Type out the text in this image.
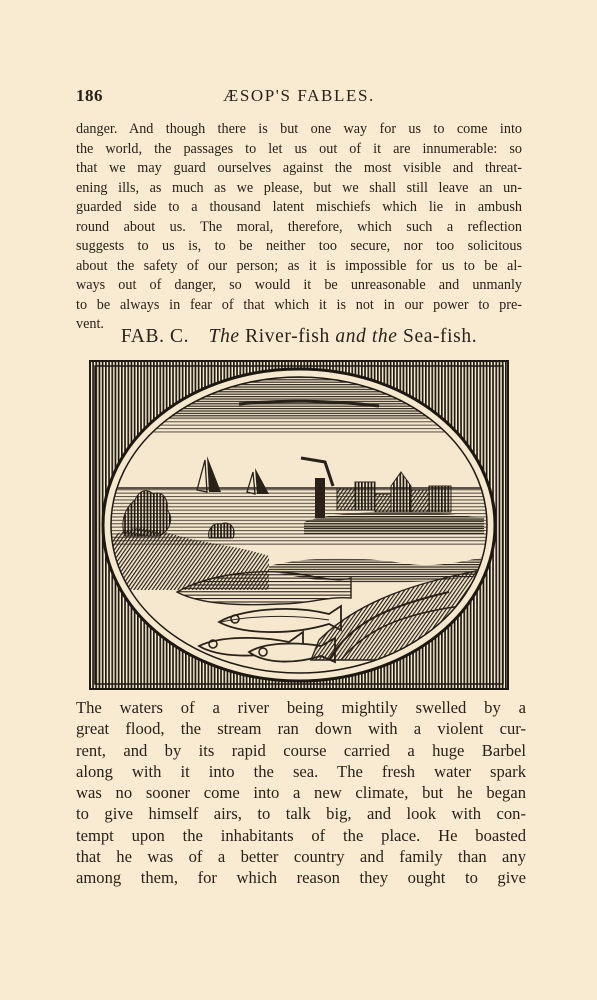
186	ÆSOP'S FABLES.

danger. And though there is but one way for us to come into
the world, the passages to let us out of it are innumerable: so
that we may guard ourselves against the most visible and threat-
ening ills, as much as we please, but we shall still leave an un-
guarded side to a thousand latent mischiefs which lie in ambush
round about us. The moral, therefore, which such a reflection
suggests to us is, to be neither too secure, nor too solicitous
about the safety of our person; as it is impossible for us to be al-
ways out of danger, so would it be unreasonable and unmanly
to be always in fear of that which it is not in our power to pre-
vent.

FAB. C. The River-fish and the Sea-fish.

The waters of a river being mightily swelled by a
great flood, the stream ran down with a violent cur-
rent, and by its rapid course carried a huge Barbel
along with it into the sea. The fresh water spark
was no sooner come into a new climate, but he began
to give himself airs, to talk big, and look with con-
tempt upon the inhabitants of the place. He boasted
that he was of a better country and family than any
among them, for which reason they ought to give
